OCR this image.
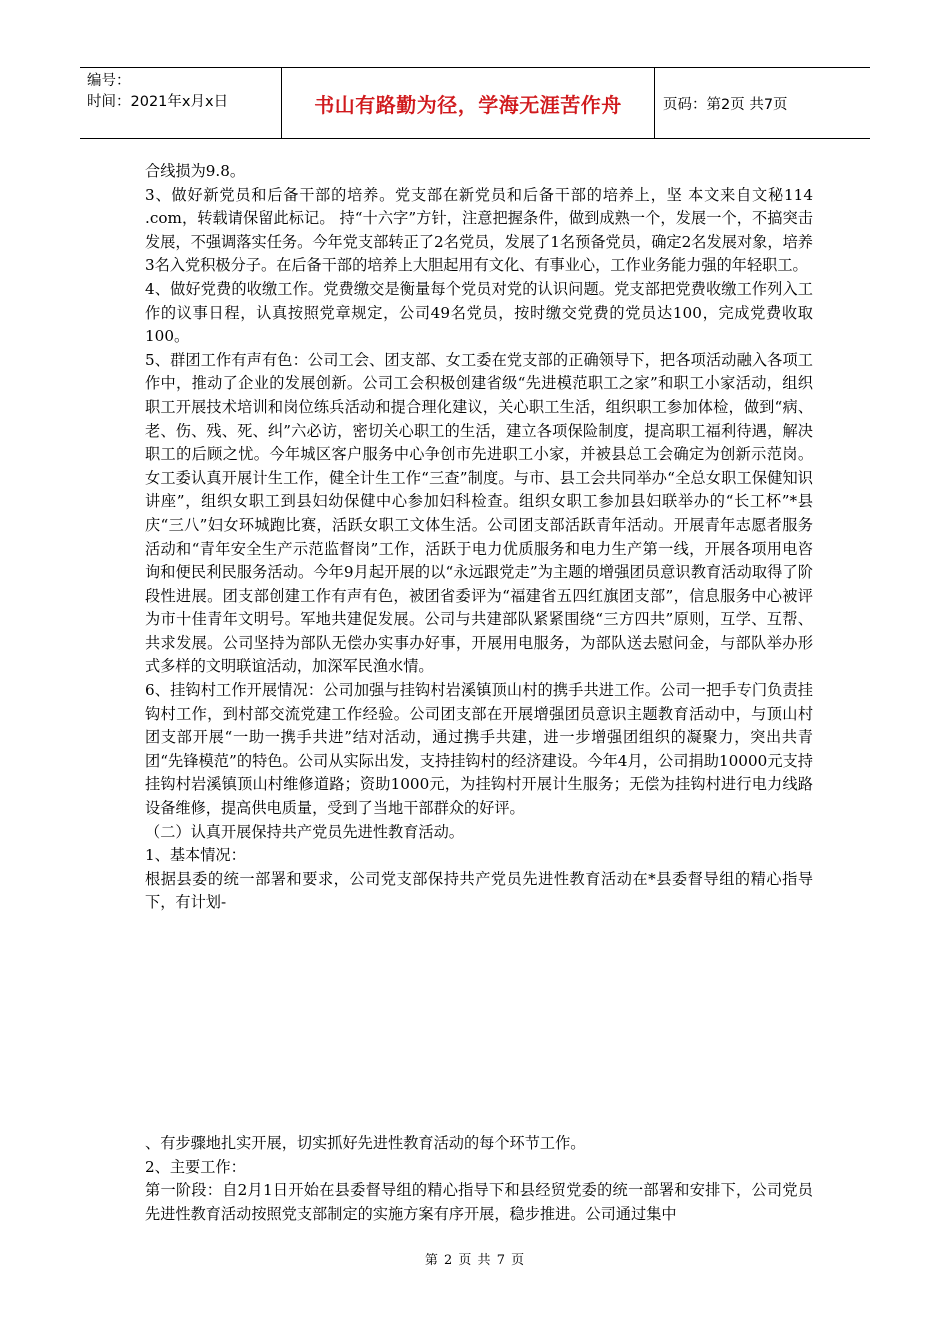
编号：
时间：2021年x月x日	书山有路勤为径，学海无涯苦作舟	页码：第2页 共7页

合线损为9.8。

3、做好新党员和后备干部的培养。党支部在新党员和后备干部的培养上，坚 本文来自文秘114 .com，转载请保留此标记。 持“十六字”方针，注意把握条件，做到成熟一个，发展一个，不搞突击发展，不强调落实任务。今年党支部转正了2名党员，发展了1名预备党员，确定2名发展对象，培养3名入党积极分子。在后备干部的培养上大胆起用有文化、有事业心，工作业务能力强的年轻职工。

4、做好党费的收缴工作。党费缴交是衡量每个党员对党的认识问题。党支部把党费收缴工作列入工作的议事日程，认真按照党章规定，公司49名党员，按时缴交党费的党员达100，完成党费收取100。

5、群团工作有声有色：公司工会、团支部、女工委在党支部的正确领导下，把各项活动融入各项工作中，推动了企业的发展创新。公司工会积极创建省级“先进模范职工之家”和职工小家活动，组织职工开展技术培训和岗位练兵活动和提合理化建议，关心职工生活，组织职工参加体检，做到“病、老、伤、残、死、纠”六必访，密切关心职工的生活，建立各项保险制度，提高职工福利待遇，解决职工的后顾之忧。今年城区客户服务中心争创市先进职工小家，并被县总工会确定为创新示范岗。女工委认真开展计生工作，健全计生工作“三查”制度。与市、县工会共同举办“全总女职工保健知识讲座”，组织女职工到县妇幼保健中心参加妇科检查。组织女职工参加县妇联举办的“长工杯”*县庆“三八”妇女环城跑比赛，活跃女职工文体生活。公司团支部活跃青年活动。开展青年志愿者服务活动和“青年安全生产示范监督岗”工作，活跃于电力优质服务和电力生产第一线，开展各项用电咨询和便民利民服务活动。今年9月起开展的以“永远跟党走”为主题的增强团员意识教育活动取得了阶段性进展。团支部创建工作有声有色，被团省委评为“福建省五四红旗团支部”，信息服务中心被评为市十佳青年文明号。军地共建促发展。公司与共建部队紧紧围绕“三方四共”原则，互学、互帮、共求发展。公司坚持为部队无偿办实事办好事，开展用电服务，为部队送去慰问金，与部队举办形式多样的文明联谊活动，加深军民渔水情。

6、挂钩村工作开展情况：公司加强与挂钩村岩溪镇顶山村的携手共进工作。公司一把手专门负责挂钩村工作，到村部交流党建工作经验。公司团支部在开展增强团员意识主题教育活动中，与顶山村团支部开展“一助一携手共进”结对活动，通过携手共建，进一步增强团组织的凝聚力，突出共青团“先锋模范”的特色。公司从实际出发，支持挂钩村的经济建设。今年4月，公司捐助10000元支持挂钩村岩溪镇顶山村维修道路；资助1000元，为挂钩村开展计生服务；无偿为挂钩村进行电力线路设备维修，提高供电质量，受到了当地干部群众的好评。

（二）认真开展保持共产党员先进性教育活动。

1、基本情况：

根据县委的统一部署和要求，公司党支部保持共产党员先进性教育活动在*县委督导组的精心指导下，有计划-

、有步骤地扎实开展，切实抓好先进性教育活动的每个环节工作。

2、主要工作：

第一阶段：自2月1日开始在县委督导组的精心指导下和县经贸党委的统一部署和安排下，公司党员先进性教育活动按照党支部制定的实施方案有序开展，稳步推进。公司通过集中

第 2 页 共 7 页
